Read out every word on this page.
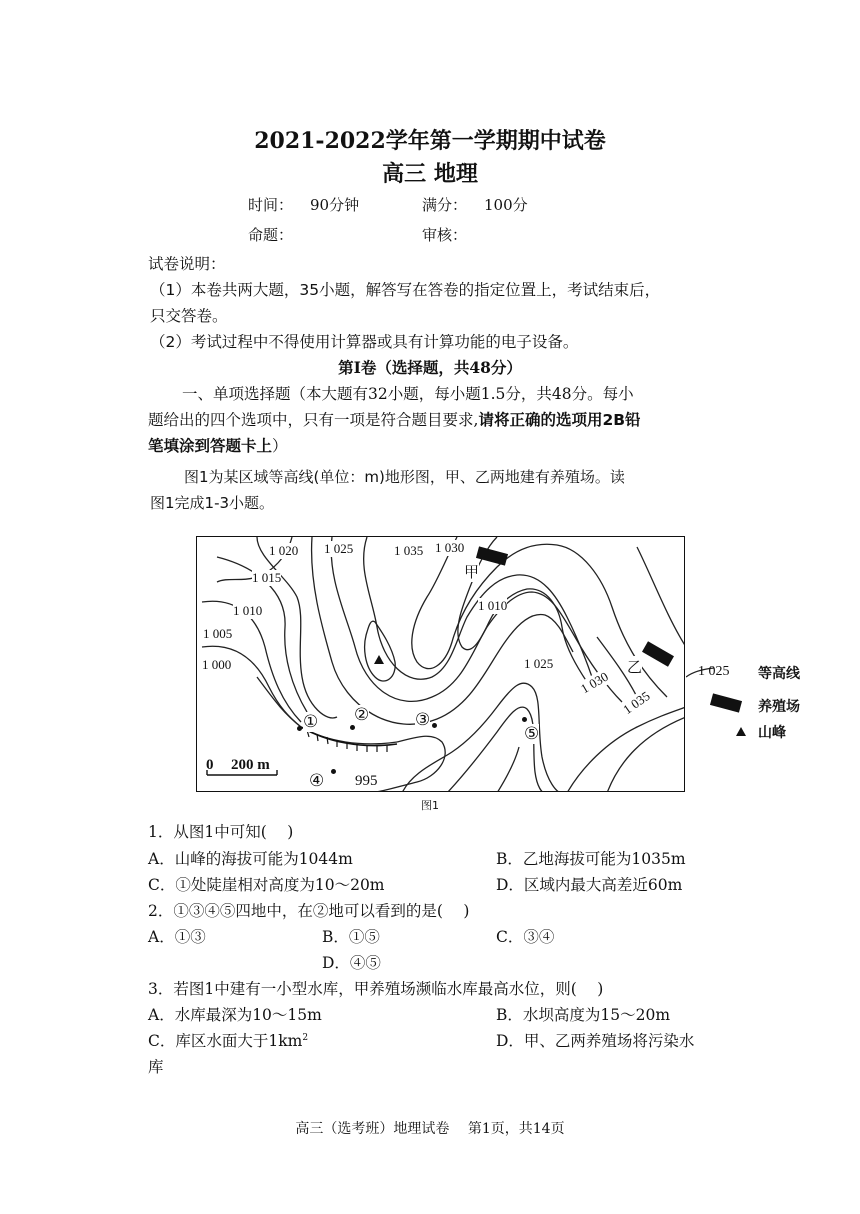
2021-2022学年第一学期期中试卷
高三 地理
时间： 90分钟	满分： 100分
命题：	审核：
试卷说明：
（1）本卷共两大题，35小题，解答写在答卷的指定位置上，考试结束后，
只交答卷。
（2）考试过程中不得使用计算器或具有计算功能的电子设备。
第Ⅰ卷（选择题，共48分）
一、单项选择题（本大题有32小题，每小题1.5分，共48分。每小
题给出的四个选项中，只有一项是符合题目要求,请将正确的选项用2B铅
笔填涂到答题卡上）
图1为某区域等高线(单位：m)地形图，甲、乙两地建有养殖场。读
图1完成1-3小题。
1 020 1 025	1 035 1 030
1 015
1 010
1 005
1 000
1 010
1 025
1 030
1 035
995
甲
乙
① ②	③
④
⑤
0 200 m
1 025 等高线
养殖场
山峰
图1
1．从图1中可知(　 )
A．山峰的海拔可能为1044m	B．乙地海拔可能为1035m
C．①处陡崖相对高度为10～20m	D．区域内最大高差近60m
2．①③④⑤四地中，在②地可以看到的是(　 )
A．①③	B．①⑤	C．③④
D．④⑤
3．若图1中建有一小型水库，甲养殖场濒临水库最高水位，则(　 )
A．水库最深为10～15m	B．水坝高度为15～20m
C．库区水面大于$1km^2$	D．甲、乙两养殖场将污染水
库
高三（选考班）地理试卷　 第1页，共14页
